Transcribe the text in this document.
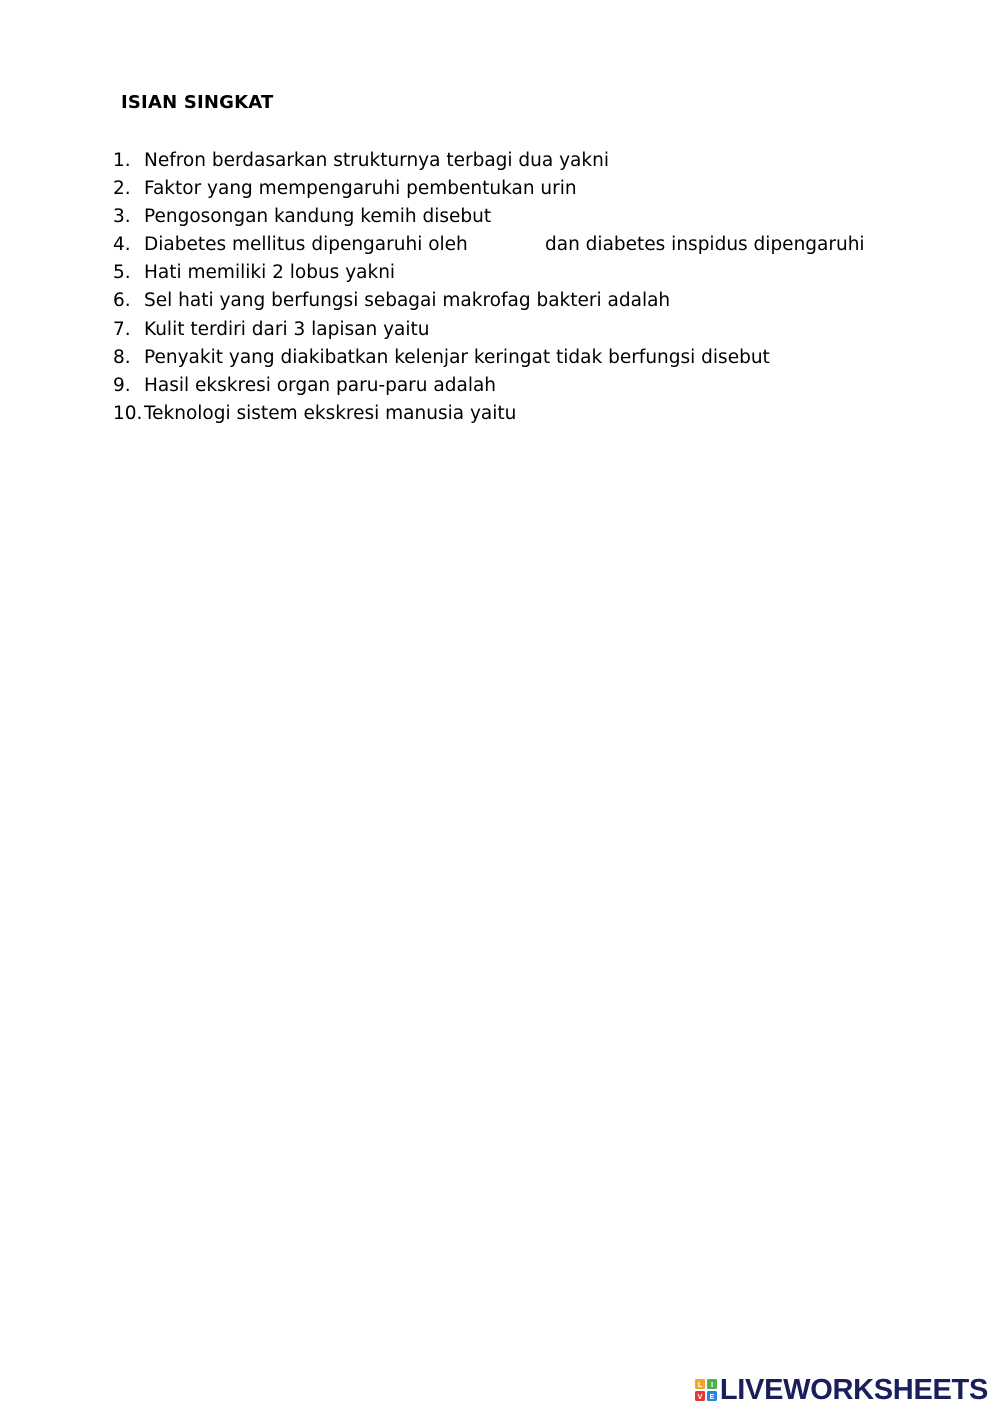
ISIAN SINGKAT
1. Nefron berdasarkan strukturnya terbagi dua yakni
2. Faktor yang mempengaruhi pembentukan urin
3. Pengosongan kandung kemih disebut
4. Diabetes mellitus dipengaruhi oleh	dan diabetes inspidus dipengaruhi
5. Hati memiliki 2 lobus yakni
6. Sel hati yang berfungsi sebagai makrofag bakteri adalah
7. Kulit terdiri dari 3 lapisan yaitu
8. Penyakit yang diakibatkan kelenjar keringat tidak berfungsi disebut
9. Hasil ekskresi organ paru-paru adalah
10. Teknologi sistem ekskresi manusia yaitu
L I
V E LIVEWORKSHEETS
